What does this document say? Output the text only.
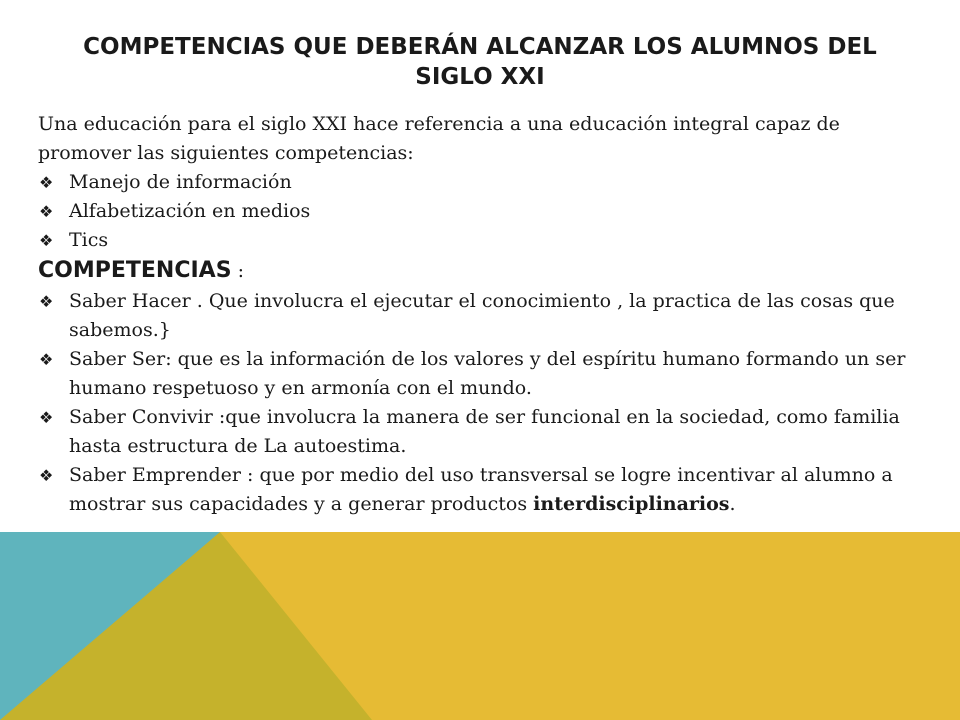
COMPETENCIAS QUE DEBERÁN ALCANZAR LOS ALUMNOS DEL SIGLO XXI

Una educación para el siglo XXI hace referencia a una educación integral capaz de promover las siguientes competencias:

❖ Manejo de información
❖ Alfabetización en medios
❖ Tics

COMPETENCIAS :

❖ Saber Hacer . Que involucra el ejecutar el conocimiento , la practica de las cosas que sabemos.}
❖ Saber Ser: que es la información de los valores y del espíritu humano formando un ser humano respetuoso y en armonía con el mundo.
❖ Saber Convivir :que involucra la manera de ser funcional en la sociedad, como familia hasta estructura de La autoestima.
❖ Saber Emprender : que por medio del uso transversal se logre incentivar al alumno a mostrar sus capacidades y a generar productos interdisciplinarios.
